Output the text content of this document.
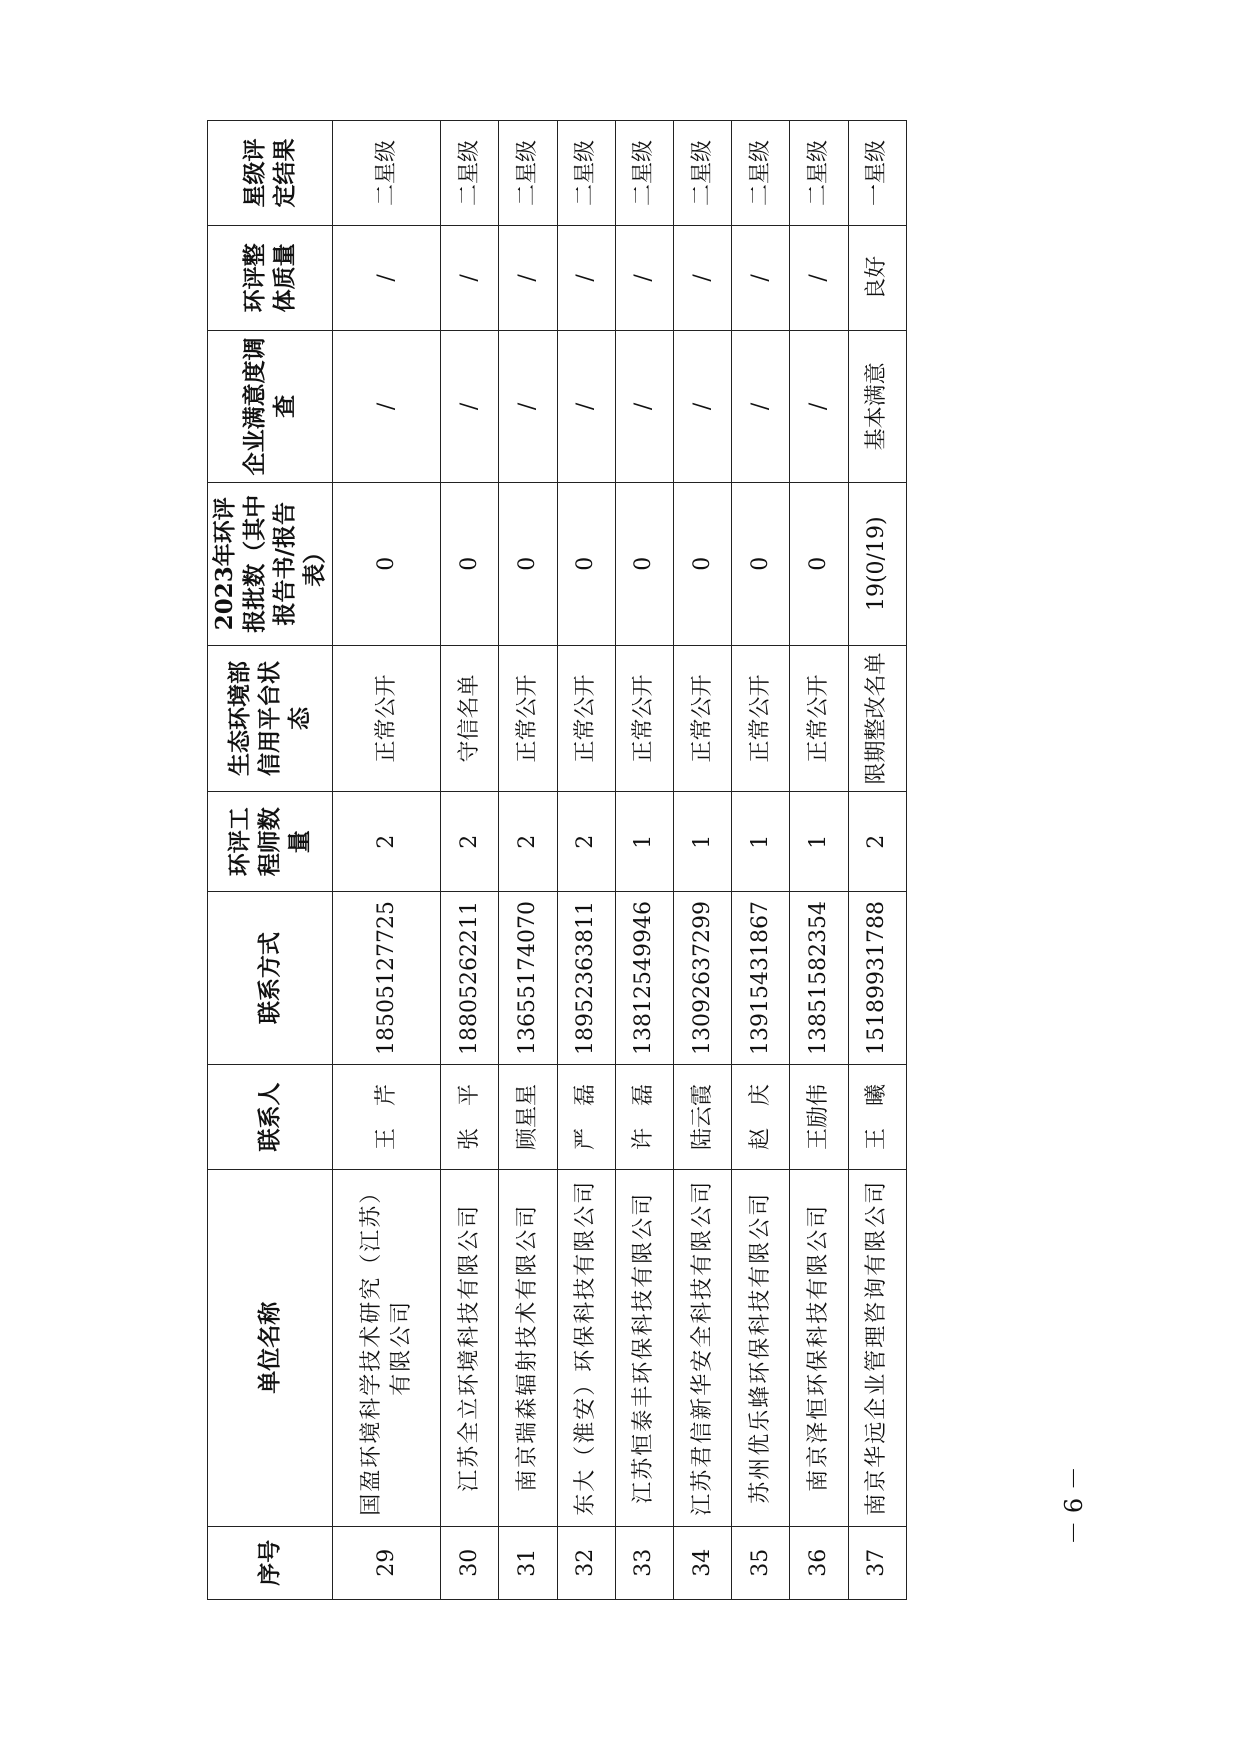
序号	单位名称	联系人	联系方式	环评工程师数量	生态环境部信用平台状态	2023年环评报批数（其中报告书/报告表）	企业满意度调查	环评整体质量	星级评定结果
29	国盈环境科学技术研究（江苏）有限公司	王　芹	18505127725	2	正常公开	0	/	/	二星级
30	江苏全立环境科技有限公司	张　平	18805262211	2	守信名单	0	/	/	二星级
31	南京瑞森辐射技术有限公司	顾星星	13655174070	2	正常公开	0	/	/	二星级
32	东大（淮安）环保科技有限公司	严　磊	18952363811	2	正常公开	0	/	/	二星级
33	江苏恒泰丰环保科技有限公司	许　磊	13812549946	1	正常公开	0	/	/	二星级
34	江苏君信新华安全科技有限公司	陆云霞	13092637299	1	正常公开	0	/	/	二星级
35	苏州优乐蜂环保科技有限公司	赵　庆	13915431867	1	正常公开	0	/	/	二星级
36	南京泽恒环保科技有限公司	王励伟	13851582354	1	正常公开	0	/	/	二星级
37	南京华远企业管理咨询有限公司	王　曦	15189931788	2	限期整改名单	19(0/19)	基本满意	良好	一星级
－ 6 －
